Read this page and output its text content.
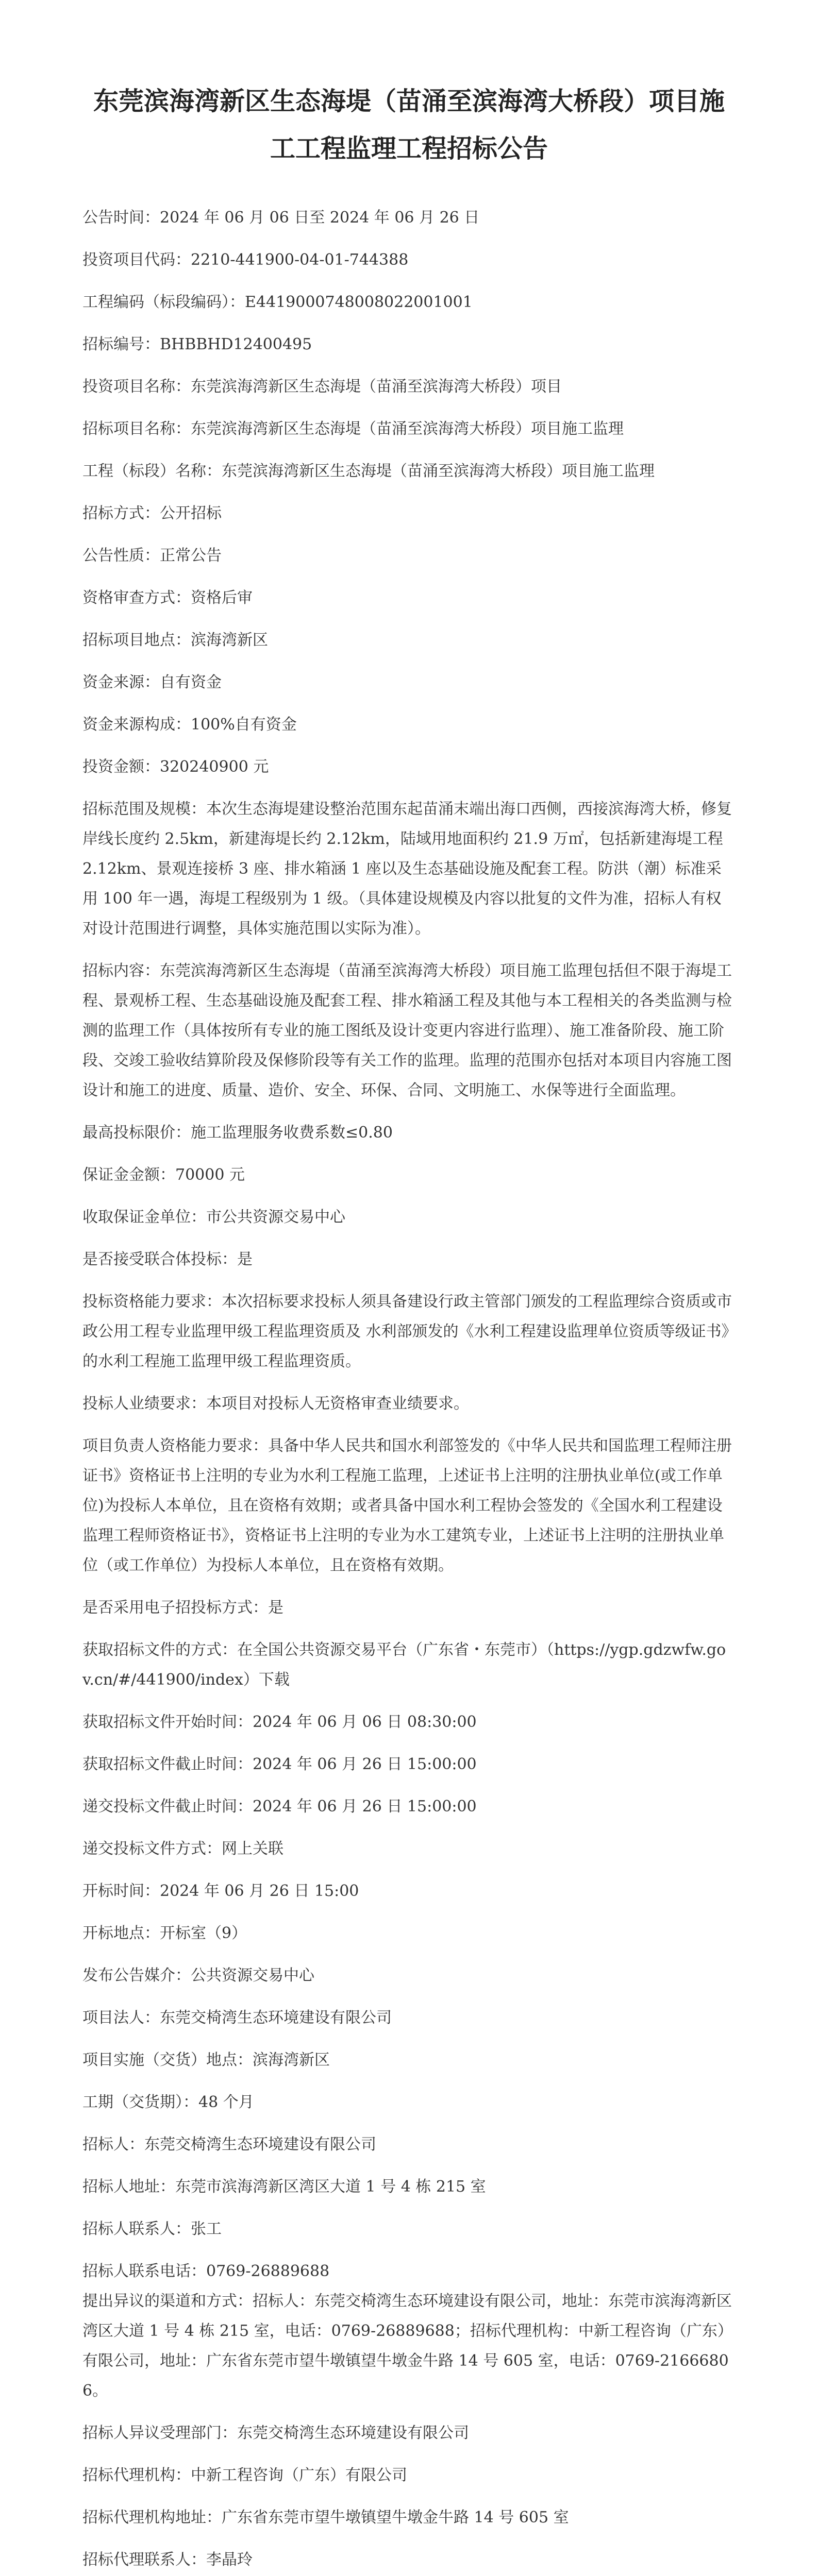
东莞滨海湾新区生态海堤（苗涌至滨海湾大桥段）项目施工工程监理工程招标公告

公告时间：2024 年 06 月 06 日至 2024 年 06 月 26 日

投资项目代码：2210-441900-04-01-744388

工程编码（标段编码）：E4419000748008022001001

招标编号：BHBBHD12400495

投资项目名称：东莞滨海湾新区生态海堤（苗涌至滨海湾大桥段）项目

招标项目名称：东莞滨海湾新区生态海堤（苗涌至滨海湾大桥段）项目施工监理

工程（标段）名称：东莞滨海湾新区生态海堤（苗涌至滨海湾大桥段）项目施工监理

招标方式：公开招标

公告性质：正常公告

资格审查方式：资格后审

招标项目地点：滨海湾新区

资金来源：自有资金

资金来源构成：100%自有资金

投资金额：320240900 元

招标范围及规模：本次生态海堤建设整治范围东起苗涌末端出海口西侧，西接滨海湾大桥，修复岸线长度约 2.5km，新建海堤长约 2.12km，陆域用地面积约 21.9 万㎡，包括新建海堤工程 2.12km、景观连接桥 3 座、排水箱涵 1 座以及生态基础设施及配套工程。防洪（潮）标准采用 100 年一遇，海堤工程级别为 1 级。（具体建设规模及内容以批复的文件为准，招标人有权对设计范围进行调整，具体实施范围以实际为准）。

招标内容：东莞滨海湾新区生态海堤（苗涌至滨海湾大桥段）项目施工监理包括但不限于海堤工程、景观桥工程、生态基础设施及配套工程、排水箱涵工程及其他与本工程相关的各类监测与检测的监理工作（具体按所有专业的施工图纸及设计变更内容进行监理）、施工准备阶段、施工阶段、交竣工验收结算阶段及保修阶段等有关工作的监理。监理的范围亦包括对本项目内容施工图设计和施工的进度、质量、造价、安全、环保、合同、文明施工、水保等进行全面监理。

最高投标限价：施工监理服务收费系数≤0.80

保证金金额：70000 元

收取保证金单位：市公共资源交易中心

是否接受联合体投标：是

投标资格能力要求：本次招标要求投标人须具备建设行政主管部门颁发的工程监理综合资质或市政公用工程专业监理甲级工程监理资质及 水利部颁发的《水利工程建设监理单位资质等级证书》的水利工程施工监理甲级工程监理资质。

投标人业绩要求：本项目对投标人无资格审查业绩要求。

项目负责人资格能力要求：具备中华人民共和国水利部签发的《中华人民共和国监理工程师注册证书》资格证书上注明的专业为水利工程施工监理，上述证书上注明的注册执业单位(或工作单位)为投标人本单位，且在资格有效期；或者具备中国水利工程协会签发的《全国水利工程建设监理工程师资格证书》，资格证书上注明的专业为水工建筑专业，上述证书上注明的注册执业单位（或工作单位）为投标人本单位，且在资格有效期。

是否采用电子招投标方式：是

获取招标文件的方式：在全国公共资源交易平台（广东省・东莞市）（https://ygp.gdzwfw.gov.cn/#/441900/index）下载

获取招标文件开始时间：2024 年 06 月 06 日 08:30:00

获取招标文件截止时间：2024 年 06 月 26 日 15:00:00

递交投标文件截止时间：2024 年 06 月 26 日 15:00:00

递交投标文件方式：网上关联

开标时间：2024 年 06 月 26 日 15:00

开标地点：开标室（9）

发布公告媒介：公共资源交易中心

项目法人：东莞交椅湾生态环境建设有限公司

项目实施（交货）地点：滨海湾新区

工期（交货期）：48 个月

招标人：东莞交椅湾生态环境建设有限公司

招标人地址：东莞市滨海湾新区湾区大道 1 号 4 栋 215 室

招标人联系人：张工

招标人联系电话：0769-26889688

提出异议的渠道和方式：招标人：东莞交椅湾生态环境建设有限公司，地址：东莞市滨海湾新区湾区大道 1 号 4 栋 215 室，电话：0769-26889688；招标代理机构：中新工程咨询（广东）有限公司，地址：广东省东莞市望牛墩镇望牛墩金牛路 14 号 605 室，电话：0769-21666806。

招标人异议受理部门：东莞交椅湾生态环境建设有限公司

招标代理机构：中新工程咨询（广东）有限公司

招标代理机构地址：广东省东莞市望牛墩镇望牛墩金牛路 14 号 605 室

招标代理联系人：李晶玲
